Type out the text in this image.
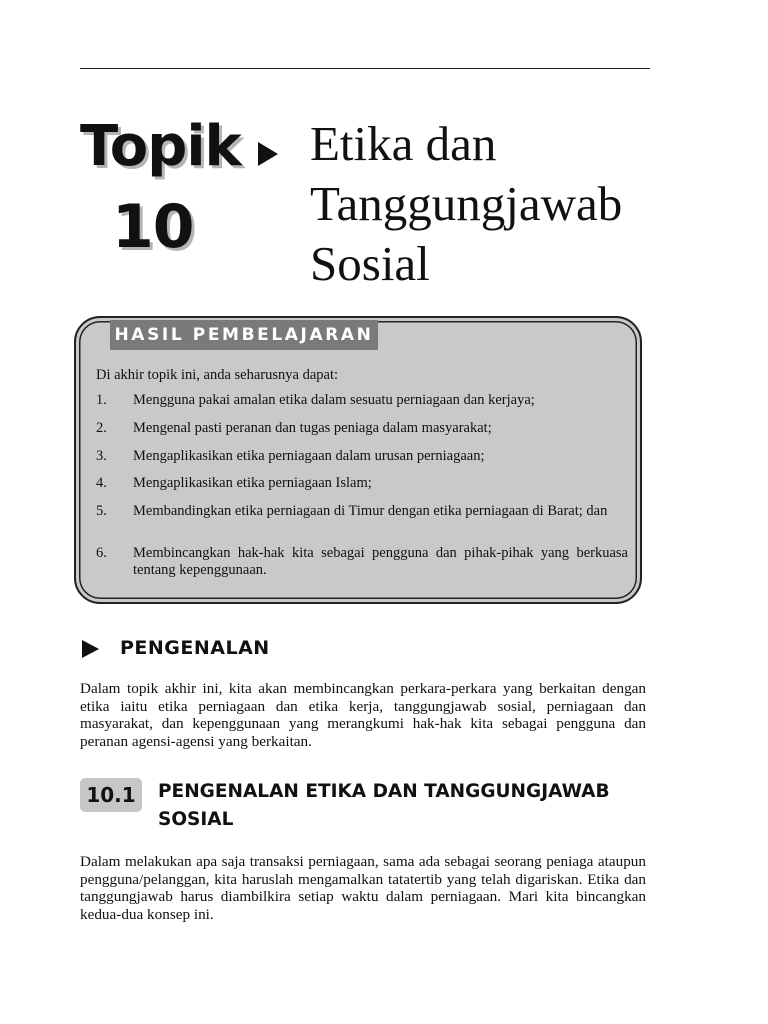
Topik
10
Etika dan
Tanggungjawab
Sosial
HASIL PEMBELAJARAN
Di akhir topik ini, anda seharusnya dapat:
1.	Mengguna pakai amalan etika dalam sesuatu perniagaan dan kerjaya;
2.	Mengenal pasti peranan dan tugas peniaga dalam masyarakat;
3.	Mengaplikasikan etika perniagaan dalam urusan perniagaan;
4.	Mengaplikasikan etika perniagaan Islam;
5.	Membandingkan etika perniagaan di Timur dengan etika perniagaan di Barat; dan
6.	Membincangkan hak-hak kita sebagai pengguna dan pihak-pihak yang berkuasa tentang kepenggunaan.
PENGENALAN

Dalam topik akhir ini, kita akan membincangkan perkara-perkara yang berkaitan dengan etika iaitu etika perniagaan dan etika kerja, tanggungjawab sosial, perniagaan dan masyarakat, dan kepenggunaan yang merangkumi hak-hak kita sebagai pengguna dan peranan agensi-agensi yang berkaitan.

10.1	PENGENALAN ETIKA DAN TANGGUNGJAWAB SOSIAL

Dalam melakukan apa saja transaksi perniagaan, sama ada sebagai seorang peniaga ataupun pengguna/pelanggan, kita haruslah mengamalkan tatatertib yang telah digariskan. Etika dan tanggungjawab harus diambilkira setiap waktu dalam perniagaan. Mari kita bincangkan kedua-dua konsep ini.
